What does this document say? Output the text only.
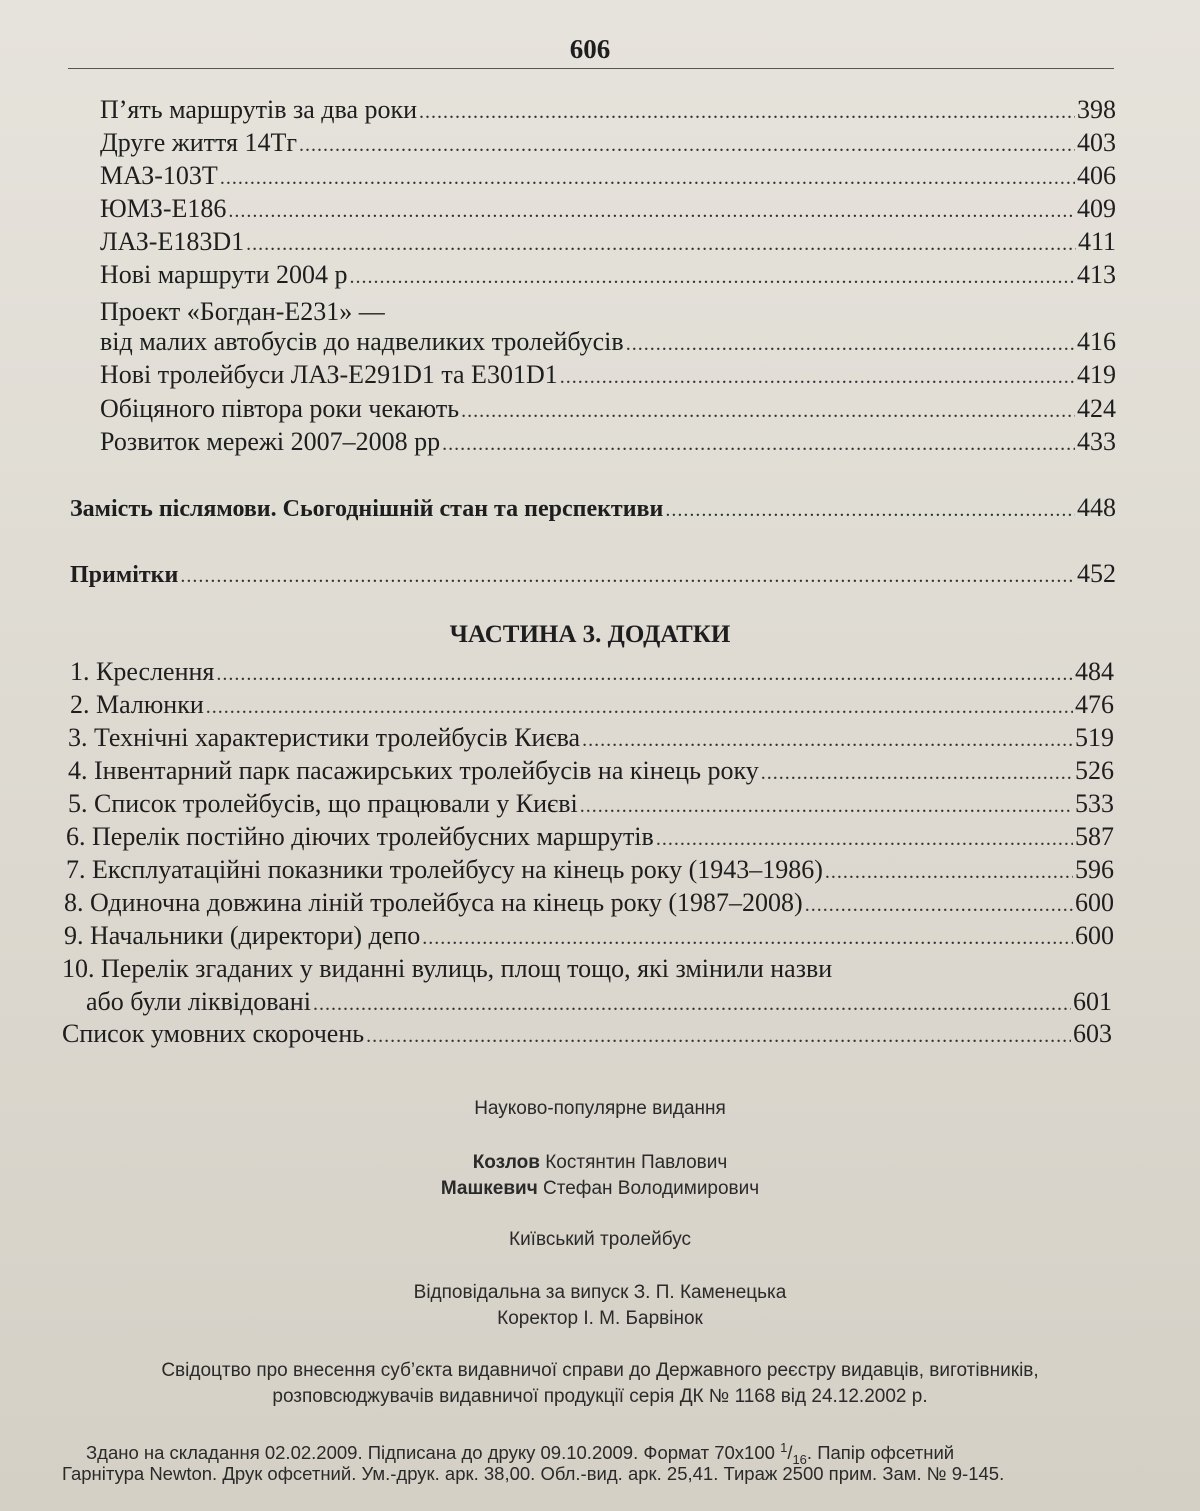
606
П’ять маршрутів за два роки .....	398
Друге життя 14Тг .....	403
МАЗ-103Т .....	406
ЮМЗ-Е186 .....	409
ЛАЗ-Е183D1 .....	411
Нові маршрути 2004 р .....	413
Проект «Богдан-Е231» —
від малих автобусів до надвеликих тролейбусів .....	416
Нові тролейбуси ЛАЗ-Е291D1 та Е301D1 .....	419
Обіцяного півтора роки чекають .....	424
Розвиток мережі 2007–2008 рр .....	433
Замість післямови. Сьогоднішній стан та перспективи .....	448
Примітки .....	452
ЧАСТИНА 3. ДОДАТКИ
1. Креслення .....	484
2. Малюнки .....	476
3. Технічні характеристики тролейбусів Києва .....	519
4. Інвентарний парк пасажирських тролейбусів на кінець року .....	526
5. Список тролейбусів, що працювали у Києві .....	533
6. Перелік постійно діючих тролейбусних маршрутів .....	587
7. Експлуатаційні показники тролейбусу на кінець року (1943–1986) .....	596
8. Одиночна довжина ліній тролейбуса на кінець року (1987–2008) .....	600
9. Начальники (директори) депо .....	600
10. Перелік згаданих у виданні вулиць, площ тощо, які змінили назви
або були ліквідовані .....	601
Список умовних скорочень .....	603
Науково-популярне видання
Козлов Костянтин Павлович
Машкевич Стефан Володимирович
Київський тролейбус
Відповідальна за випуск З. П. Каменецька
Коректор І. М. Барвінок
Свідоцтво про внесення суб’єкта видавничої справи до Державного реєстру видавців, виготівників,
розповсюджувачів видавничої продукції серія ДК № 1168 від 24.12.2002 р.
Здано на складання 02.02.2009. Підписана до друку 09.10.2009. Формат 70x100 $^1/_{16}$. Папір офсетний
Гарнітура Newton. Друк офсетний. Ум.-друк. арк. 38,00. Обл.-вид. арк. 25,41. Тираж 2500 прим. Зам. № 9-145.
